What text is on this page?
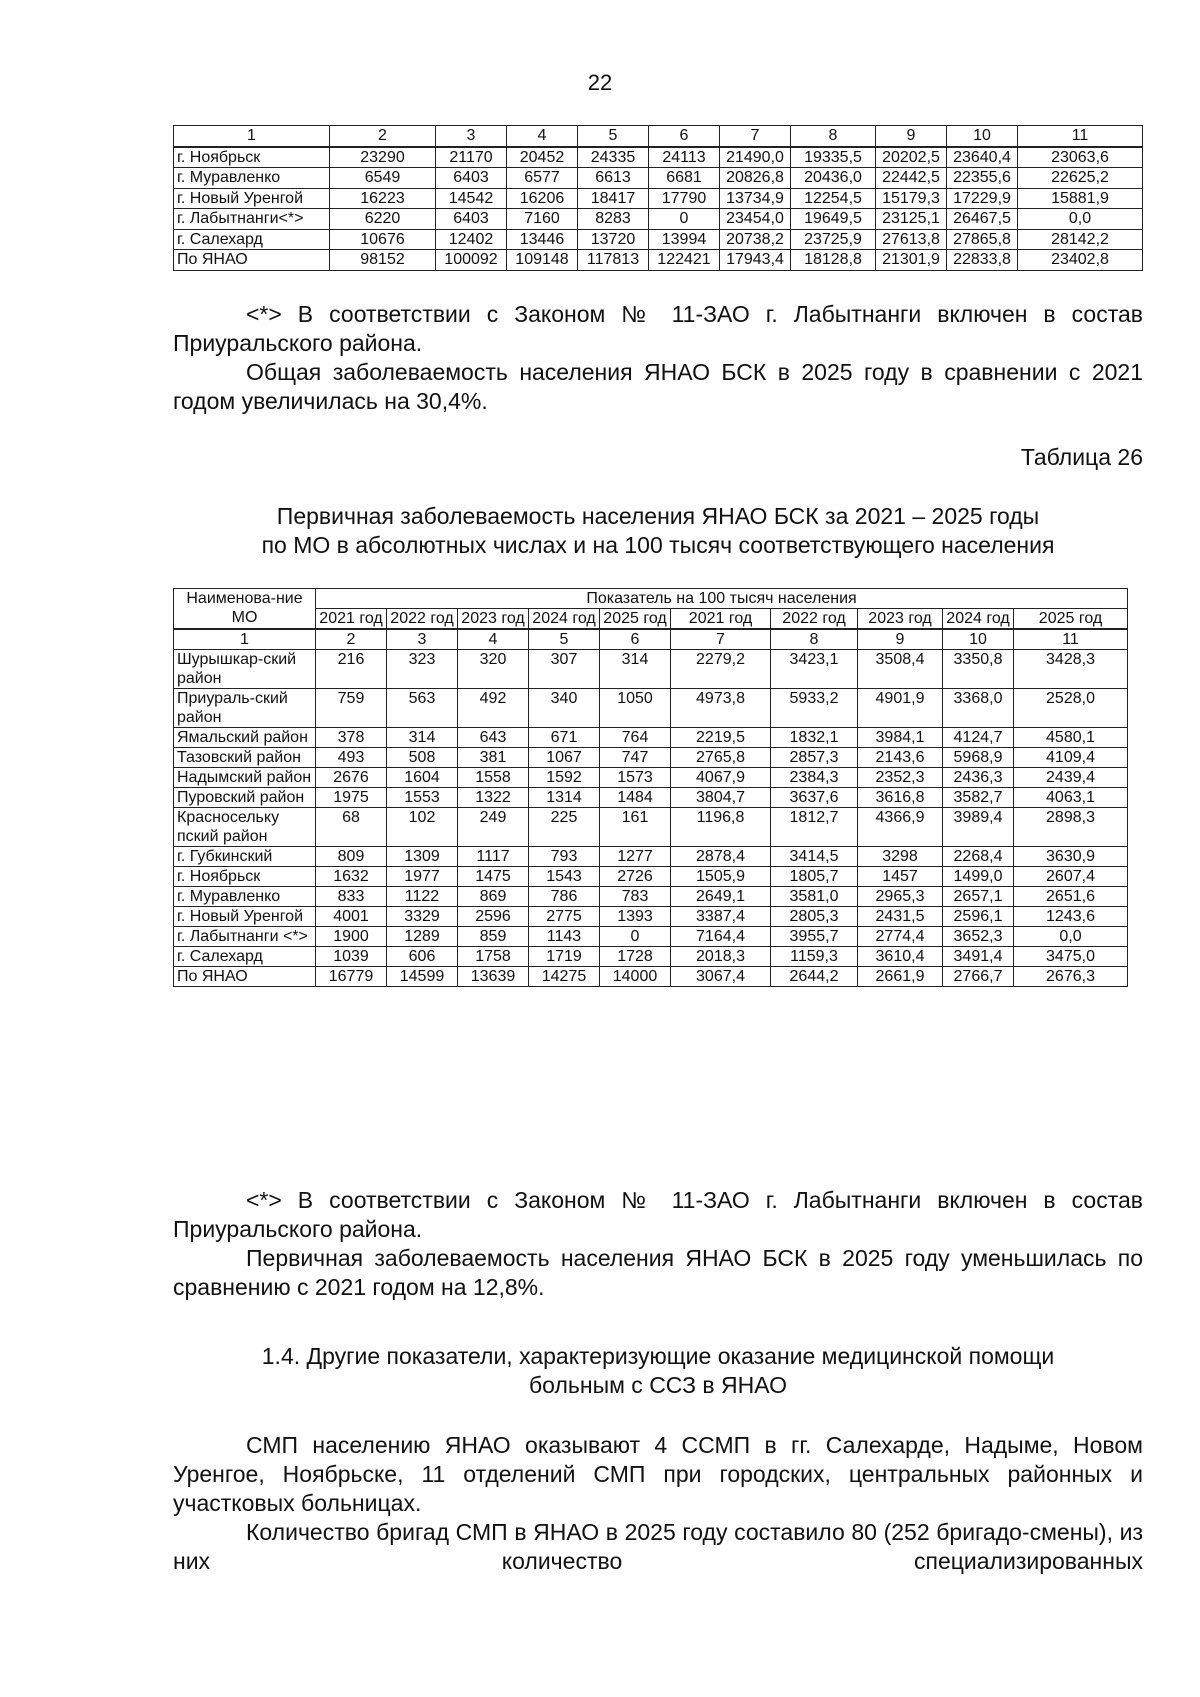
22
1	2	3	4	5	6	7	8	9	10	11
г. Ноябрьск	23290	21170	20452	24335	24113	21490,0	19335,5	20202,5	23640,4	23063,6
г. Муравленко	6549	6403	6577	6613	6681	20826,8	20436,0	22442,5	22355,6	22625,2
г. Новый Уренгой	16223	14542	16206	18417	17790	13734,9	12254,5	15179,3	17229,9	15881,9
г. Лабытнанги<*>	6220	6403	7160	8283	0	23454,0	19649,5	23125,1	26467,5	0,0
г. Салехард	10676	12402	13446	13720	13994	20738,2	23725,9	27613,8	27865,8	28142,2
По ЯНАО	98152	100092	109148	117813	122421	17943,4	18128,8	21301,9	22833,8	23402,8

<*> В соответствии с Законом № 11-ЗАО г. Лабытнанги включен в состав Приуральского района.

Общая заболеваемость населения ЯНАО БСК в 2025 году в сравнении с 2021 годом увеличилась на 30,4%.

Таблица 26
Первичная заболеваемость населения ЯНАО БСК за 2021 – 2025 годы
по МО в абсолютных числах и на 100 тысяч соответствующего населения
Наименова-ние МО	Показатель на 100 тысяч населения									
	2021 год	2022 год	2023 год	2024 год	2025 год	2021 год	2022 год	2023 год	2024 год	2025 год
1	2	3	4	5	6	7	8	9	10	11
Шурышкар-ский район	216	323	320	307	314	2279,2	3423,1	3508,4	3350,8	3428,3
Приураль-ский район	759	563	492	340	1050	4973,8	5933,2	4901,9	3368,0	2528,0
Ямальский район	378	314	643	671	764	2219,5	1832,1	3984,1	4124,7	4580,1
Тазовский район	493	508	381	1067	747	2765,8	2857,3	2143,6	5968,9	4109,4
Надымский район	2676	1604	1558	1592	1573	4067,9	2384,3	2352,3	2436,3	2439,4
Пуровский район	1975	1553	1322	1314	1484	3804,7	3637,6	3616,8	3582,7	4063,1
Красносельку пский район	68	102	249	225	161	1196,8	1812,7	4366,9	3989,4	2898,3
г. Губкинский	809	1309	1117	793	1277	2878,4	3414,5	3298	2268,4	3630,9
г. Ноябрьск	1632	1977	1475	1543	2726	1505,9	1805,7	1457	1499,0	2607,4
г. Муравленко	833	1122	869	786	783	2649,1	3581,0	2965,3	2657,1	2651,6
г. Новый Уренгой	4001	3329	2596	2775	1393	3387,4	2805,3	2431,5	2596,1	1243,6
г. Лабытнанги <*>	1900	1289	859	1143	0	7164,4	3955,7	2774,4	3652,3	0,0
г. Салехард	1039	606	1758	1719	1728	2018,3	1159,3	3610,4	3491,4	3475,0
По ЯНАО	16779	14599	13639	14275	14000	3067,4	2644,2	2661,9	2766,7	2676,3

<*> В соответствии с Законом № 11-ЗАО г. Лабытнанги включен в состав Приуральского района.

Первичная заболеваемость населения ЯНАО БСК в 2025 году уменьшилась по сравнению с 2021 годом на 12,8%.

1.4. Другие показатели, характеризующие оказание медицинской помощи
больным с ССЗ в ЯНАО

СМП населению ЯНАО оказывают 4 ССМП в гг. Салехарде, Надыме, Новом Уренгое, Ноябрьске, 11 отделений СМП при городских, центральных районных и участковых больницах.

Количество бригад СМП в ЯНАО в 2025 году составило 80 (252 бригадо-смены), из них количество специализированных
